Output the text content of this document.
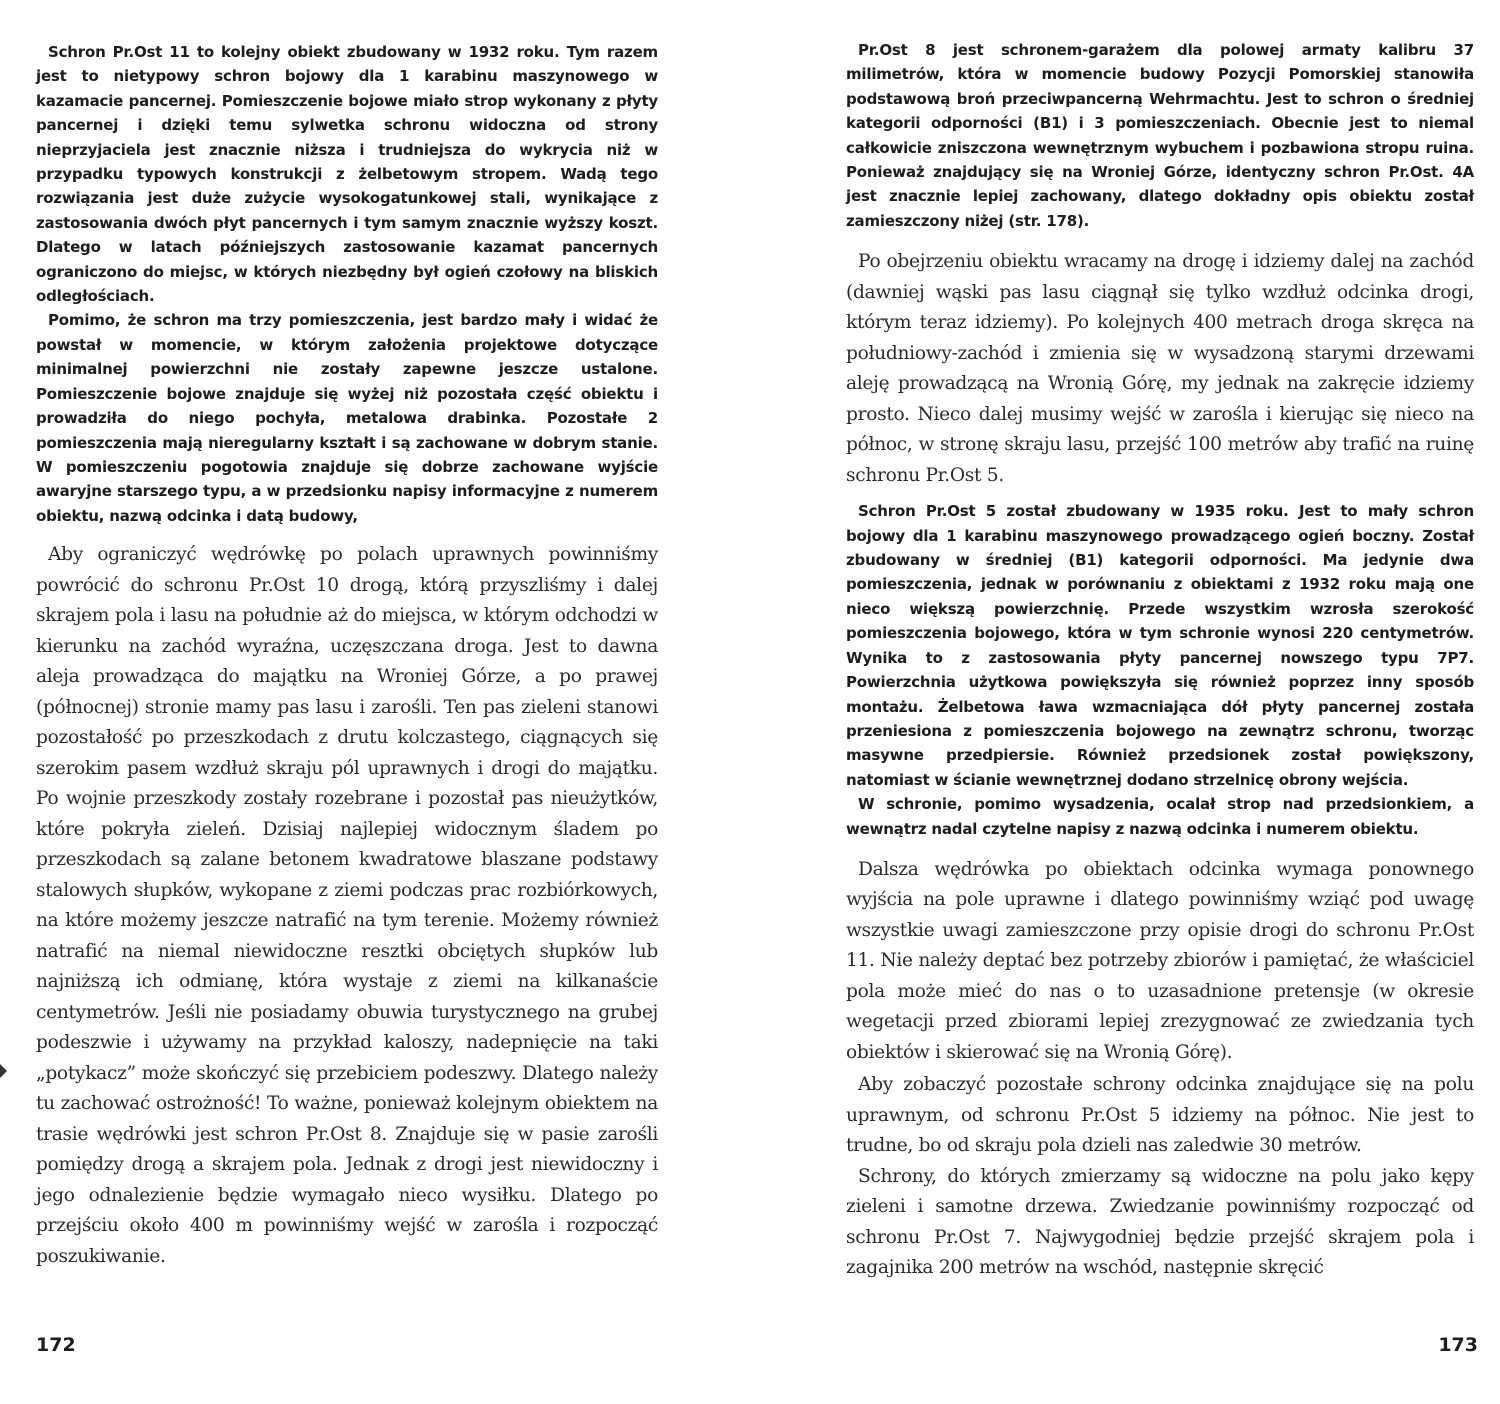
Schron Pr.Ost 11 to kolejny obiekt zbudowany w 1932 roku. Tym razem jest to nietypowy schron bojowy dla 1 karabinu maszynowego w kazamacie pancernej. Pomieszczenie bojowe miało strop wykonany z płyty pancernej i dzięki temu sylwetka schronu widoczna od strony nieprzyjaciela jest znacznie niższa i trudniejsza do wykrycia niż w przypadku typowych konstrukcji z żelbetowym stropem. Wadą tego rozwiązania jest duże zużycie wysokogatunkowej stali, wynikające z zastosowania dwóch płyt pancernych i tym samym znacznie wyższy koszt. Dlatego w latach późniejszych zastosowanie kazamat pancernych ograniczono do miejsc, w których niezbędny był ogień czołowy na bliskich odległościach.

Pomimo, że schron ma trzy pomieszczenia, jest bardzo mały i widać że powstał w momencie, w którym założenia projektowe dotyczące minimalnej powierzchni nie zostały zapewne jeszcze ustalone. Pomieszczenie bojowe znajduje się wyżej niż pozostała część obiektu i prowadziła do niego pochyła, metalowa drabinka. Pozostałe 2 pomieszczenia mają nieregularny kształt i są zachowane w dobrym stanie. W pomieszczeniu pogotowia znajduje się dobrze zachowane wyjście awaryjne starszego typu, a w przedsionku napisy informacyjne z numerem obiektu, nazwą odcinka i datą budowy,

Aby ograniczyć wędrówkę po polach uprawnych powinniśmy powrócić do schronu Pr.Ost 10 drogą, którą przyszliśmy i dalej skrajem pola i lasu na południe aż do miejsca, w którym odchodzi w kierunku na zachód wyraźna, uczęszczana droga. Jest to dawna aleja prowadząca do majątku na Wroniej Górze, a po prawej (północnej) stronie mamy pas lasu i zarośli. Ten pas zieleni stanowi pozostałość po przeszkodach z drutu kolczastego, ciągnących się szerokim pasem wzdłuż skraju pól uprawnych i drogi do majątku. Po wojnie przeszkody zostały rozebrane i pozostał pas nieużytków, które pokryła zieleń. Dzisiaj najlepiej widocznym śladem po przeszkodach są zalane betonem kwadratowe blaszane podstawy stalowych słupków, wykopane z ziemi podczas prac rozbiórkowych, na które możemy jeszcze natrafić na tym terenie. Możemy również natrafić na niemal niewidoczne resztki obciętych słupków lub najniższą ich odmianę, która wystaje z ziemi na kilkanaście centymetrów. Jeśli nie posiadamy obuwia turystycznego na grubej podeszwie i używamy na przykład kaloszy, nadepnięcie na taki „potykacz” może skończyć się przebiciem podeszwy. Dlatego należy tu zachować ostrożność! To ważne, ponieważ kolejnym obiektem na trasie wędrówki jest schron Pr.Ost 8. Znajduje się w pasie zarośli pomiędzy drogą a skrajem pola. Jednak z drogi jest niewidoczny i jego odnalezienie będzie wymagało nieco wysiłku. Dlatego po przejściu około 400 m powinniśmy wejść w zarośla i rozpocząć poszukiwanie.

172

Pr.Ost 8 jest schronem-garażem dla polowej armaty kalibru 37 milimetrów, która w momencie budowy Pozycji Pomorskiej stanowiła podstawową broń przeciwpancerną Wehrmachtu. Jest to schron o średniej kategorii odporności (B1) i 3 pomieszczeniach. Obecnie jest to niemal całkowicie zniszczona wewnętrznym wybuchem i pozbawiona stropu ruina. Ponieważ znajdujący się na Wroniej Górze, identyczny schron Pr.Ost. 4A jest znacznie lepiej zachowany, dlatego dokładny opis obiektu został zamieszczony niżej (str. 178).

Po obejrzeniu obiektu wracamy na drogę i idziemy dalej na zachód (dawniej wąski pas lasu ciągnął się tylko wzdłuż odcinka drogi, którym teraz idziemy). Po kolejnych 400 metrach droga skręca na południowy-zachód i zmienia się w wysadzoną starymi drzewami aleję prowadzącą na Wronią Górę, my jednak na zakręcie idziemy prosto. Nieco dalej musimy wejść w zarośla i kierując się nieco na północ, w stronę skraju lasu, przejść 100 metrów aby trafić na ruinę schronu Pr.Ost 5.

Schron Pr.Ost 5 został zbudowany w 1935 roku. Jest to mały schron bojowy dla 1 karabinu maszynowego prowadzącego ogień boczny. Został zbudowany w średniej (B1) kategorii odporności. Ma jedynie dwa pomieszczenia, jednak w porównaniu z obiektami z 1932 roku mają one nieco większą powierzchnię. Przede wszystkim wzrosła szerokość pomieszczenia bojowego, która w tym schronie wynosi 220 centymetrów. Wynika to z zastosowania płyty pancernej nowszego typu 7P7. Powierzchnia użytkowa powiększyła się również poprzez inny sposób montażu. Żelbetowa ława wzmacniająca dół płyty pancernej została przeniesiona z pomieszczenia bojowego na zewnątrz schronu, tworząc masywne przedpiersie. Również przedsionek został powiększony, natomiast w ścianie wewnętrznej dodano strzelnicę obrony wejścia.

W schronie, pomimo wysadzenia, ocalał strop nad przedsionkiem, a wewnątrz nadal czytelne napisy z nazwą odcinka i numerem obiektu.

Dalsza wędrówka po obiektach odcinka wymaga ponownego wyjścia na pole uprawne i dlatego powinniśmy wziąć pod uwagę wszystkie uwagi zamieszczone przy opisie drogi do schronu Pr.Ost 11. Nie należy deptać bez potrzeby zbiorów i pamiętać, że właściciel pola może mieć do nas o to uzasadnione pretensje (w okresie wegetacji przed zbiorami lepiej zrezygnować ze zwiedzania tych obiektów i skierować się na Wronią Górę).

Aby zobaczyć pozostałe schrony odcinka znajdujące się na polu uprawnym, od schronu Pr.Ost 5 idziemy na północ. Nie jest to trudne, bo od skraju pola dzieli nas zaledwie 30 metrów.

Schrony, do których zmierzamy są widoczne na polu jako kępy zieleni i samotne drzewa. Zwiedzanie powinniśmy rozpocząć od schronu Pr.Ost 7. Najwygodniej będzie przejść skrajem pola i zagajnika 200 metrów na wschód, następnie skręcić

173
